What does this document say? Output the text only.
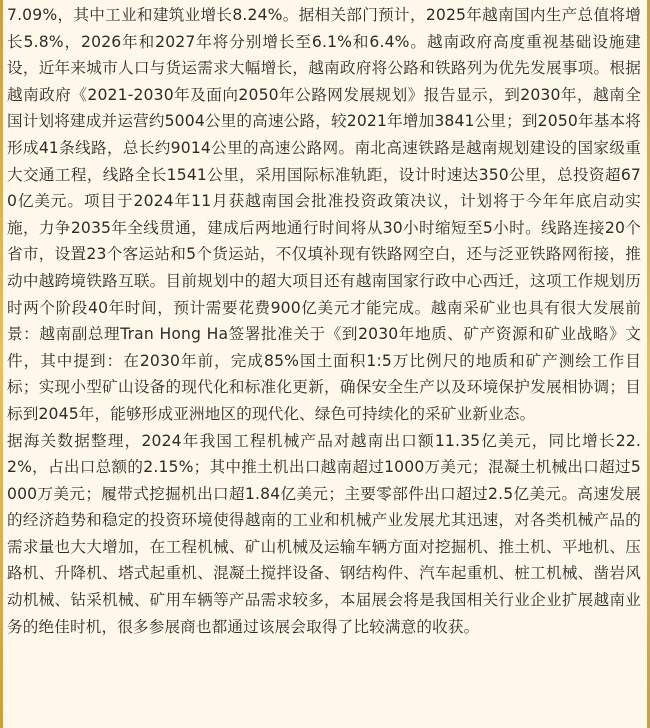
7.09%，其中工业和建筑业增长8.24%。据相关部门预计，2025年越南国内生产总值将增长5.8%，2026年和2027年将分别增长至6.1%和6.4%。越南政府高度重视基础设施建设，近年来城市人口与货运需求大幅增长，越南政府将公路和铁路列为优先发展事项。根据越南政府《2021-2030年及面向2050年公路网发展规划》报告显示，到2030年，越南全国计划将建成并运营约5004公里的高速公路，较2021年增加3841公里；到2050年基本将形成41条线路，总长约9014公里的高速公路网。南北高速铁路是越南规划建设的国家级重大交通工程，线路全长1541公里，采用国际标准轨距，设计时速达350公里，总投资超670亿美元。项目于2024年11月获越南国会批准投资政策决议，计划将于今年年底启动实施，力争2035年全线贯通，建成后两地通行时间将从30小时缩短至5小时。线路连接20个省市，设置23个客运站和5个货运站，不仅填补现有铁路网空白，还与泛亚铁路网衔接，推动中越跨境铁路互联。目前规划中的超大项目还有越南国家行政中心西迁，这项工作规划历时两个阶段40年时间，预计需要花费900亿美元才能完成。越南采矿业也具有很大发展前景：越南副总理Tran Hong Ha签署批准关于《到2030年地质、矿产资源和矿业战略》文件，其中提到：在2030年前，完成85%国土面积1:5万比例尺的地质和矿产测绘工作目标；实现小型矿山设备的现代化和标准化更新，确保安全生产以及环境保护发展相协调；目标到2045年，能够形成亚洲地区的现代化、绿色可持续化的采矿业新业态。

据海关数据整理，2024年我国工程机械产品对越南出口额11.35亿美元，同比增长22.2%，占出口总额的2.15%；其中推土机出口越南超过1000万美元；混凝土机械出口超过5000万美元；履带式挖掘机出口超1.84亿美元；主要零部件出口超过2.5亿美元。高速发展的经济趋势和稳定的投资环境使得越南的工业和机械产业发展尤其迅速，对各类机械产品的需求量也大大增加，在工程机械、矿山机械及运输车辆方面对挖掘机、推土机、平地机、压路机、升降机、塔式起重机、混凝土搅拌设备、钢结构件、汽车起重机、桩工机械、凿岩风动机械、钻采机械、矿用车辆等产品需求较多，本届展会将是我国相关行业企业扩展越南业务的绝佳时机，很多参展商也都通过该展会取得了比较满意的收获。
